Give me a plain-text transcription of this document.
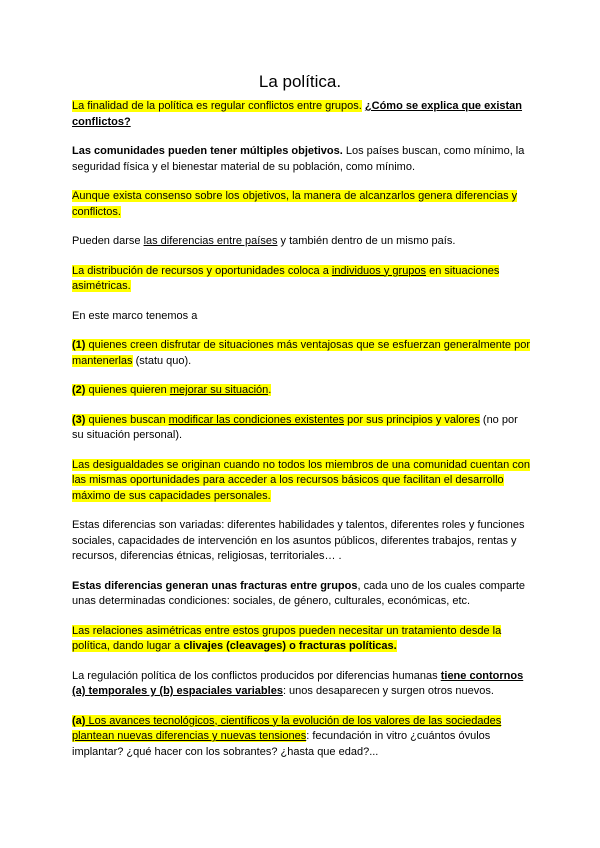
La política.

La finalidad de la política es regular conflictos entre grupos. ¿Cómo se explica que existan conflictos?

Las comunidades pueden tener múltiples objetivos. Los países buscan, como mínimo, la seguridad física y el bienestar material de su población, como mínimo.

Aunque exista consenso sobre los objetivos, la manera de alcanzarlos genera diferencias y conflictos.

Pueden darse las diferencias entre países y también dentro de un mismo país.

La distribución de recursos y oportunidades coloca a individuos y grupos en situaciones asimétricas.

En este marco tenemos a

(1) quienes creen disfrutar de situaciones más ventajosas que se esfuerzan generalmente por mantenerlas (statu quo).

(2) quienes quieren mejorar su situación.

(3) quienes buscan modificar las condiciones existentes por sus principios y valores (no por su situación personal).

Las desigualdades se originan cuando no todos los miembros de una comunidad cuentan con las mismas oportunidades para acceder a los recursos básicos que facilitan el desarrollo máximo de sus capacidades personales.

Estas diferencias son variadas: diferentes habilidades y talentos, diferentes roles y funciones sociales, capacidades de intervención en los asuntos públicos, diferentes trabajos, rentas y recursos, diferencias étnicas, religiosas, territoriales… .

Estas diferencias generan unas fracturas entre grupos, cada uno de los cuales comparte unas determinadas condiciones: sociales, de género, culturales, económicas, etc.

Las relaciones asimétricas entre estos grupos pueden necesitar un tratamiento desde la política, dando lugar a clivajes (cleavages) o fracturas políticas.

La regulación política de los conflictos producidos por diferencias humanas tiene contornos (a) temporales y (b) espaciales variables: unos desaparecen y surgen otros nuevos.

(a) Los avances tecnológicos, científicos y la evolución de los valores de las sociedades plantean nuevas diferencias y nuevas tensiones: fecundación in vitro ¿cuántos óvulos implantar? ¿qué hacer con los sobrantes? ¿hasta que edad?...
